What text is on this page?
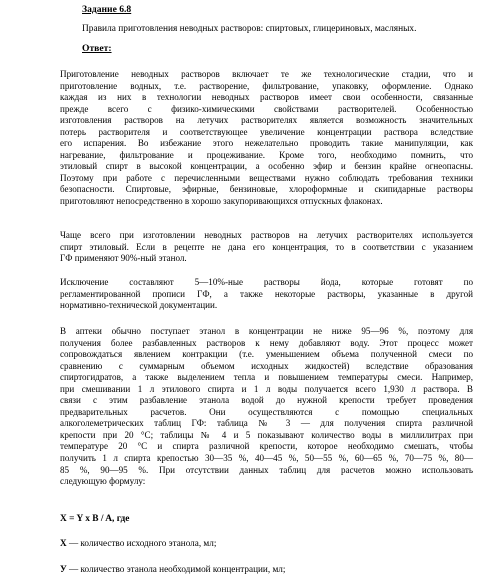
Задание 6.8
Правила приготовления неводных растворов: спиртовых, глицериновых, масляных.
Ответ:
Приготовление неводных растворов включает те же технологические стадии, что и
приготовление водных, т.е. растворение, фильтрование, упаковку, оформление. Однако
каждая из них в технологии неводных растворов имеет свои особенности, связанные
прежде всего с физико-химическими свойствами растворителей. Особенностью
изготовления растворов на летучих растворителях является возможность значительных
потерь растворителя и соответствующее увеличение концентрации раствора вследствие
его испарения. Во избежание этого нежелательно проводить такие манипуляции, как
нагревание, фильтрование и процеживание. Кроме того, необходимо помнить, что
этиловый спирт в высокой концентрации, а особенно эфир и бензин крайне огнеопасны.
Поэтому при работе с перечисленными веществами нужно соблюдать требования техники
безопасности. Спиртовые, эфирные, бензиновые, хлороформные и скипидарные растворы
приготовляют непосредственно в хорошо закупоривающихся отпускных флаконах.
Чаще всего при изготовлении неводных растворов на летучих растворителях используется
спирт этиловый. Если в рецепте не дана его концентрация, то в соответствии с указанием
ГФ применяют 90%-ный этанол.
Исключение составляют 5—10%-ные растворы йода, которые готовят по
регламентированной прописи ГФ, а также некоторые растворы, указанные в другой
нормативно-технической документации.
В аптеки обычно поступает этанол в концентрации не ниже 95—96 %, поэтому для
получения более разбавленных растворов к нему добавляют воду. Этот процесс может
сопровождаться явлением контракции (т.е. уменьшением объема полученной смеси по
сравнению с суммарным объемом исходных жидкостей) вследствие образования
спиртогидратов, а также выделением тепла и повышением температуры смеси. Например,
при смешивании 1 л этилового спирта и 1 л воды получается всего 1,930 л раствора. В
связи с этим разбавление этанола водой до нужной крепости требует проведения
предварительных расчетов. Они осуществляются с помощью специальных
алкоголеметрических таблиц ГФ: таблица № 3 — для получения спирта различной
крепости при 20 °С; таблицы № 4 и 5 показывают количество воды в миллилитрах при
температуре 20 °С и спирта различной крепости, которое необходимо смешать, чтобы
получить 1 л спирта крепостью 30—35 %, 40—45 %, 50—55 %, 60—65 %, 70—75 %, 80—
85 %, 90—95 %. При отсутствии данных таблиц для расчетов можно использовать
следующую формулу:
X = Y x B / A, где
X — количество исходного этанола, мл;
У — количество этанола необходимой концентрации, мл;
